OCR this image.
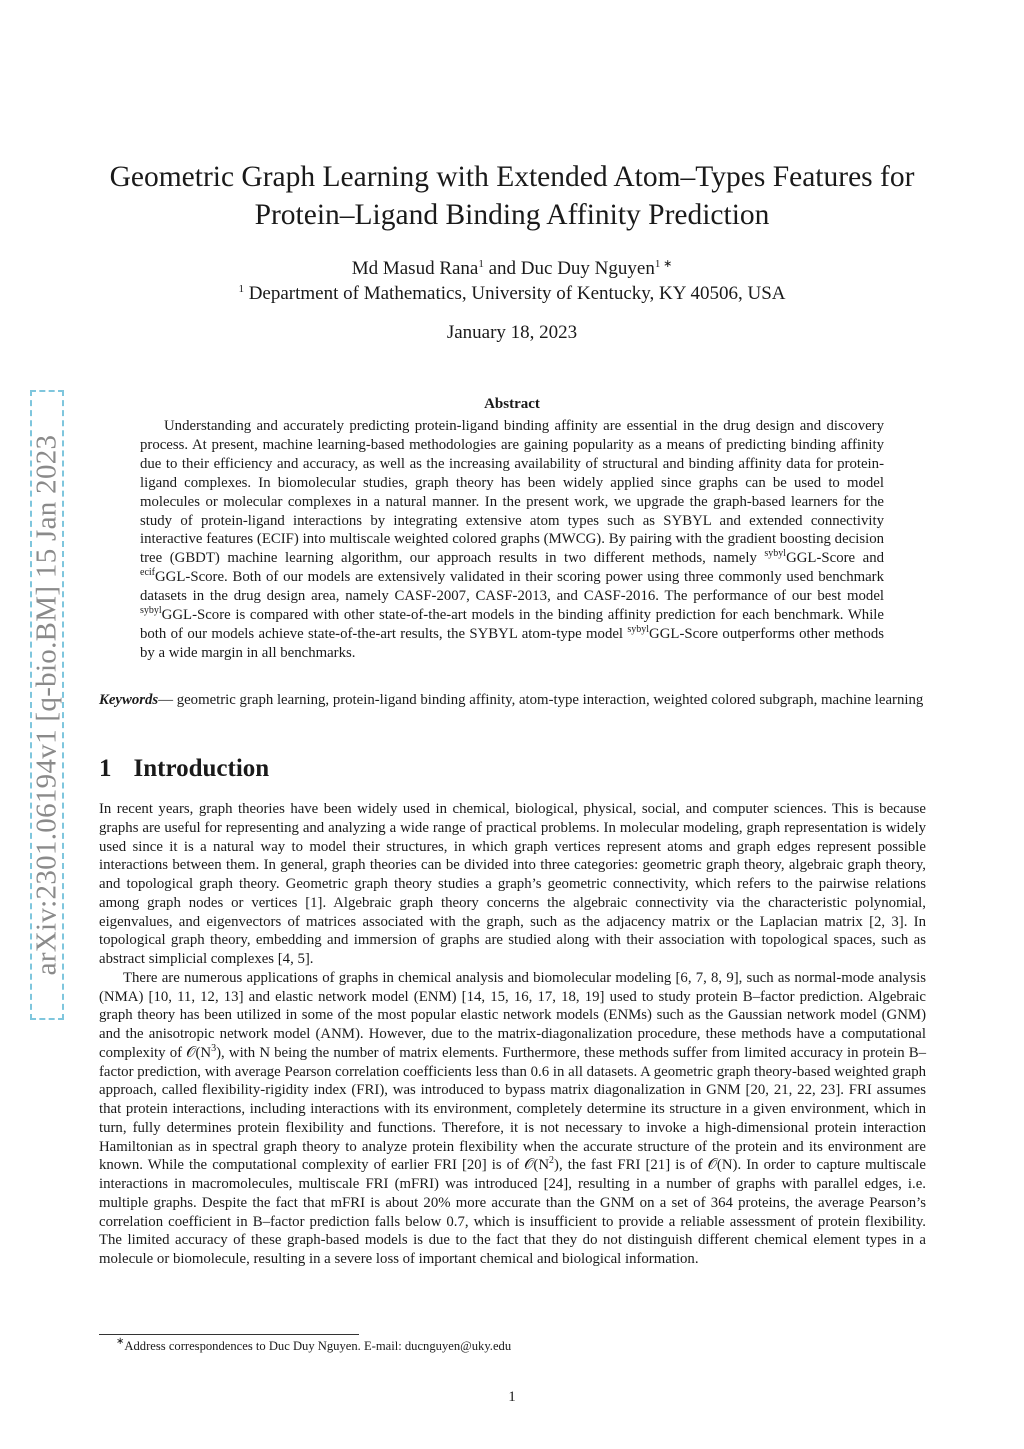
arXiv:2301.06194v1 [q-bio.BM] 15 Jan 2023
Geometric Graph Learning with Extended Atom–Types Features for
Protein–Ligand Binding Affinity Prediction
Md Masud Rana$^1$ and Duc Duy Nguyen$^{1 ∗}$
$^1$ Department of Mathematics, University of Kentucky, KY 40506, USA
January 18, 2023
Abstract

Understanding and accurately predicting protein-ligand binding affinity are essential in the drug design and discovery process. At present, machine learning-based methodologies are gaining popularity as a means of predicting binding affinity due to their efficiency and accuracy, as well as the increasing availability of structural and binding affinity data for protein-ligand complexes. In biomolecular studies, graph theory has been widely applied since graphs can be used to model molecules or molecular complexes in a natural manner. In the present work, we upgrade the graph-based learners for the study of protein-ligand interactions by integrating extensive atom types such as SYBYL and extended connectivity interactive features (ECIF) into multiscale weighted colored graphs (MWCG). By pairing with the gradient boosting decision tree (GBDT) machine learning algorithm, our approach results in two different methods, namely $^{sybyl}$GGL-Score and $^{ecif}$GGL-Score. Both of our models are extensively validated in their scoring power using three commonly used benchmark datasets in the drug design area, namely CASF-2007, CASF-2013, and CASF-2016. The performance of our best model $^{sybyl}$GGL-Score is compared with other state-of-the-art models in the binding affinity prediction for each benchmark. While both of our models achieve state-of-the-art results, the SYBYL atom-type model $^{sybyl}$GGL-Score outperforms other methods by a wide margin in all benchmarks.

Keywords— geometric graph learning, protein-ligand binding affinity, atom-type interaction, weighted colored subgraph, machine learning

1 Introduction

In recent years, graph theories have been widely used in chemical, biological, physical, social, and computer sciences. This is because graphs are useful for representing and analyzing a wide range of practical problems. In molecular modeling, graph representation is widely used since it is a natural way to model their structures, in which graph vertices represent atoms and graph edges represent possible interactions between them. In general, graph theories can be divided into three categories: geometric graph theory, algebraic graph theory, and topological graph theory. Geometric graph theory studies a graph’s geometric connectivity, which refers to the pairwise relations among graph nodes or vertices [1]. Algebraic graph theory concerns the algebraic connectivity via the characteristic polynomial, eigenvalues, and eigenvectors of matrices associated with the graph, such as the adjacency matrix or the Laplacian matrix [2, 3]. In topological graph theory, embedding and immersion of graphs are studied along with their association with topological spaces, such as abstract simplicial complexes [4, 5].

There are numerous applications of graphs in chemical analysis and biomolecular modeling [6, 7, 8, 9], such as normal-mode analysis (NMA) [10, 11, 12, 13] and elastic network model (ENM) [14, 15, 16, 17, 18, 19] used to study protein B–factor prediction. Algebraic graph theory has been utilized in some of the most popular elastic network models (ENMs) such as the Gaussian network model (GNM) and the anisotropic network model (ANM). However, due to the matrix-diagonalization procedure, these methods have a computational complexity of $𝒪(N^3)$, with N being the number of matrix elements. Furthermore, these methods suffer from limited accuracy in protein B–factor prediction, with average Pearson correlation coefficients less than 0.6 in all datasets. A geometric graph theory-based weighted graph approach, called flexibility-rigidity index (FRI), was introduced to bypass matrix diagonalization in GNM [20, 21, 22, 23]. FRI assumes that protein interactions, including interactions with its environment, completely determine its structure in a given environment, which in turn, fully determines protein flexibility and functions. Therefore, it is not necessary to invoke a high-dimensional protein interaction Hamiltonian as in spectral graph theory to analyze protein flexibility when the accurate structure of the protein and its environment are known. While the computational complexity of earlier FRI [20] is of $𝒪(N^2)$, the fast FRI [21] is of 𝒪(N). In order to capture multiscale interactions in macromolecules, multiscale FRI (mFRI) was introduced [24], resulting in a number of graphs with parallel edges, i.e. multiple graphs. Despite the fact that mFRI is about 20% more accurate than the GNM on a set of 364 proteins, the average Pearson’s correlation coefficient in B–factor prediction falls below 0.7, which is insufficient to provide a reliable assessment of protein flexibility. The limited accuracy of these graph-based models is due to the fact that they do not distinguish different chemical element types in a molecule or biomolecule, resulting in a severe loss of important chemical and biological information.

∗Address correspondences to Duc Duy Nguyen. E-mail: ducnguyen@uky.edu
1
